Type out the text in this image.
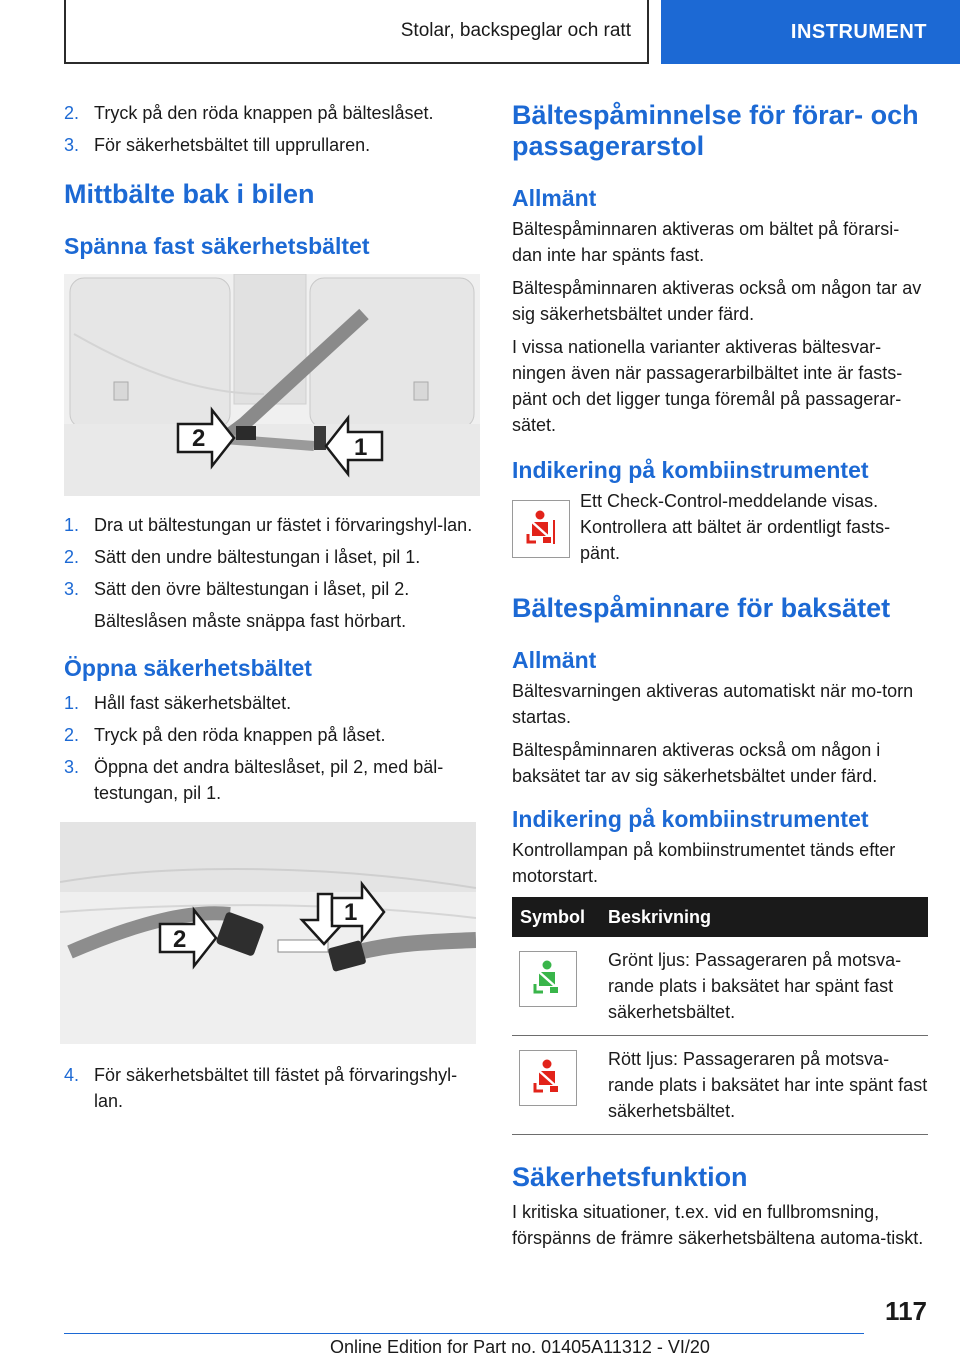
Stolar, backspeglar och ratt	INSTRUMENT
2. Tryck på den röda knappen på bälteslåset.
3. För säkerhetsbältet till upprullaren.
Mittbälte bak i bilen
Spänna fast säkerhetsbältet
2	1
1. Dra ut bältestungan ur fästet i förvaringshyl-lan.
2. Sätt den undre bältestungan i låset, pil 1.
3. Sätt den övre bältestungan i låset, pil 2.
Bälteslåsen måste snäppa fast hörbart.
Öppna säkerhetsbältet
1. Håll fast säkerhetsbältet.
2. Tryck på den röda knappen på låset.
3. Öppna det andra bälteslåset, pil 2, med bäl-testungan, pil 1.
2
1
4. För säkerhetsbältet till fästet på förvaringshyl-lan.
Bältespåminnelse för förar- och passagerarstol
Allmänt

Bältespåminnaren aktiveras om bältet på förarsi-dan inte har spänts fast.

Bältespåminnaren aktiveras också om någon tar av sig säkerhetsbältet under färd.

I vissa nationella varianter aktiveras bältesvar-ningen även när passagerarbilbältet inte är fasts-pänt och det ligger tunga föremål på passagerar-sätet.

Indikering på kombiinstrumentet
Ett Check-Control-meddelande visas. Kontrollera att bältet är ordentligt fasts-pänt.
Bältespåminnare för baksätet
Allmänt

Bältesvarningen aktiveras automatiskt när mo-torn startas.

Bältespåminnaren aktiveras också om någon i baksätet tar av sig säkerhetsbältet under färd.

Indikering på kombiinstrumentet

Kontrollampan på kombiinstrumentet tänds efter motorstart.

Symbol	Beskrivning

	Grönt ljus: Passageraren på motsva-rande plats i baksätet har spänt fast säkerhetsbältet.

	Rött ljus: Passageraren på motsva-rande plats i baksätet har inte spänt fast säkerhetsbältet.
Säkerhetsfunktion

I kritiska situationer, t.ex. vid en fullbromsning, förspänns de främre säkerhetsbältena automa-tiskt.

117
Online Edition for Part no. 01405A11312 - VI/20
